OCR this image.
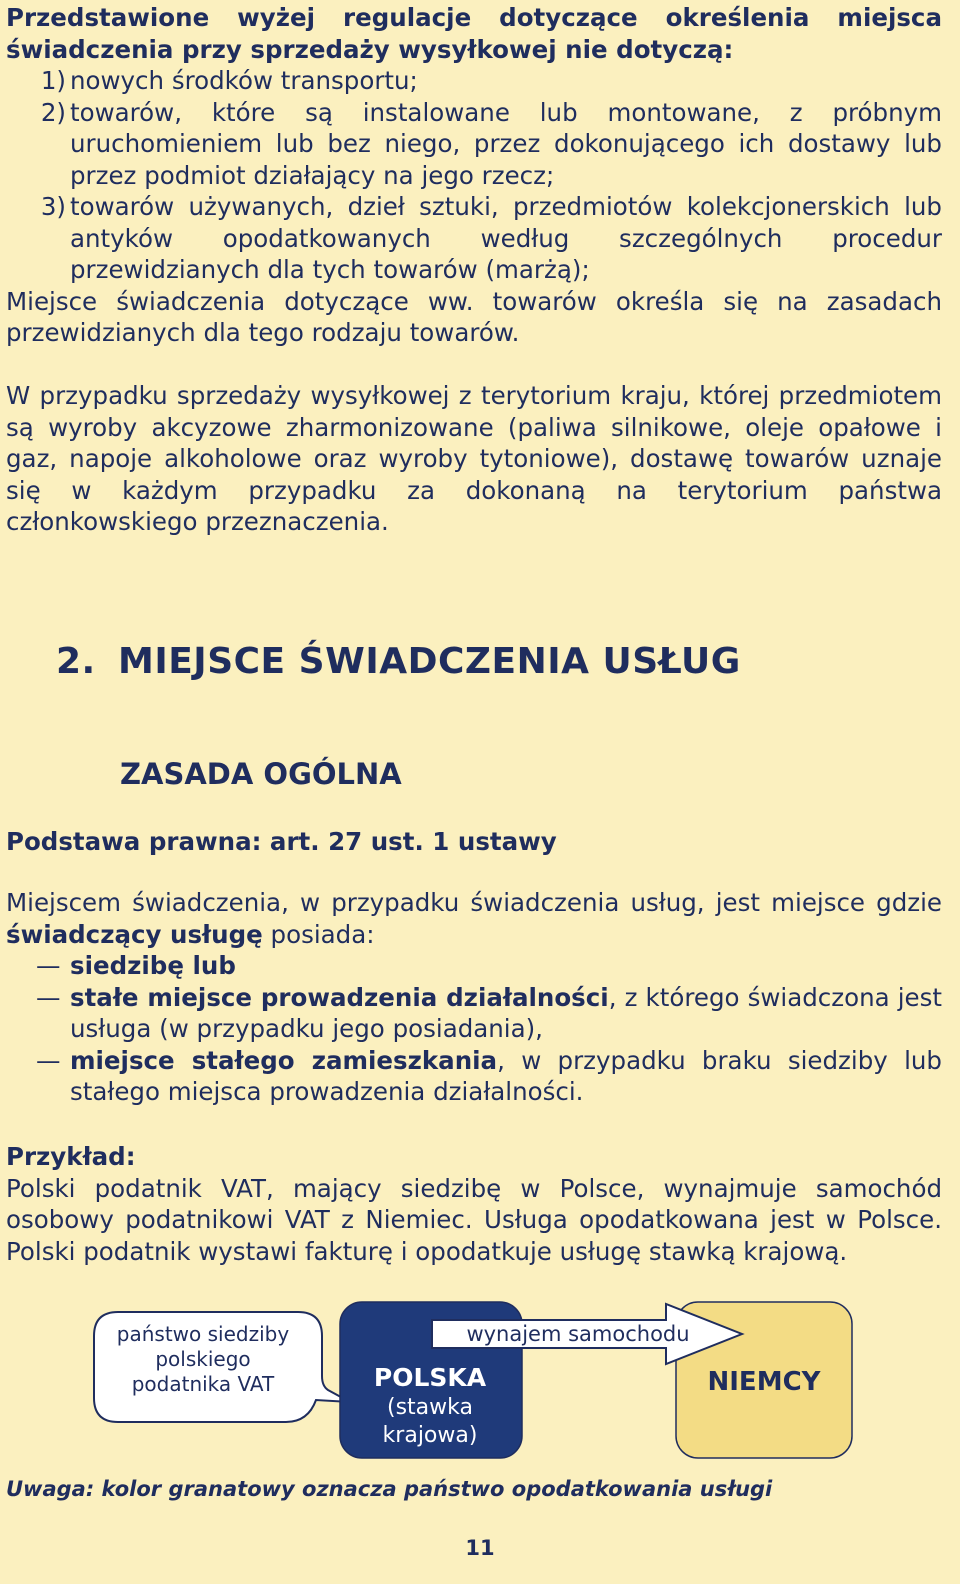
Przedstawione wyżej regulacje dotyczące określenia miejsca świadczenia przy sprzedaży wysyłkowej nie dotyczą:

1) nowych środków transportu;
2) towarów, które są instalowane lub montowane, z próbnym uruchomieniem lub bez niego, przez dokonującego ich dostawy lub przez podmiot działający na jego rzecz;
3) towarów używanych, dzieł sztuki, przedmiotów kolekcjonerskich lub antyków opodatkowanych według szczególnych procedur przewidzianych dla tych towarów (marżą);

Miejsce świadczenia dotyczące ww. towarów określa się na zasadach przewidzianych dla tego rodzaju towarów.

W przypadku sprzedaży wysyłkowej z terytorium kraju, której przedmiotem są wyroby akcyzowe zharmonizowane (paliwa silnikowe, oleje opałowe i gaz, napoje alkoholowe oraz wyroby tytoniowe), dostawę towarów uznaje się w każdym przypadku za dokonaną na terytorium państwa członkowskiego przeznaczenia.

2. MIEJSCE ŚWIADCZENIA USŁUG
ZASADA OGÓLNA

Podstawa prawna: art. 27 ust. 1 ustawy

Miejscem świadczenia, w przypadku świadczenia usług, jest miejsce gdzie świadczący usługę posiada:

— siedzibę lub
— stałe miejsce prowadzenia działalności, z którego świadczona jest usługa (w przypadku jego posiadania),
— miejsce stałego zamieszkania, w przypadku braku siedziby lub stałego miejsca prowadzenia działalności.

Przykład:

Polski podatnik VAT, mający siedzibę w Polsce, wynajmuje samochód osobowy podatnikowi VAT z Niemiec. Usługa opodatkowana jest w Polsce. Polski podatnik wystawi fakturę i opodatkuje usługę stawką krajową.

państwo siedziby
polskiego
podatnika VAT	NIEMCY
wynajem samochodu
POLSKA
(stawka
krajowa)
Uwaga: kolor granatowy oznacza państwo opodatkowania usługi
11
